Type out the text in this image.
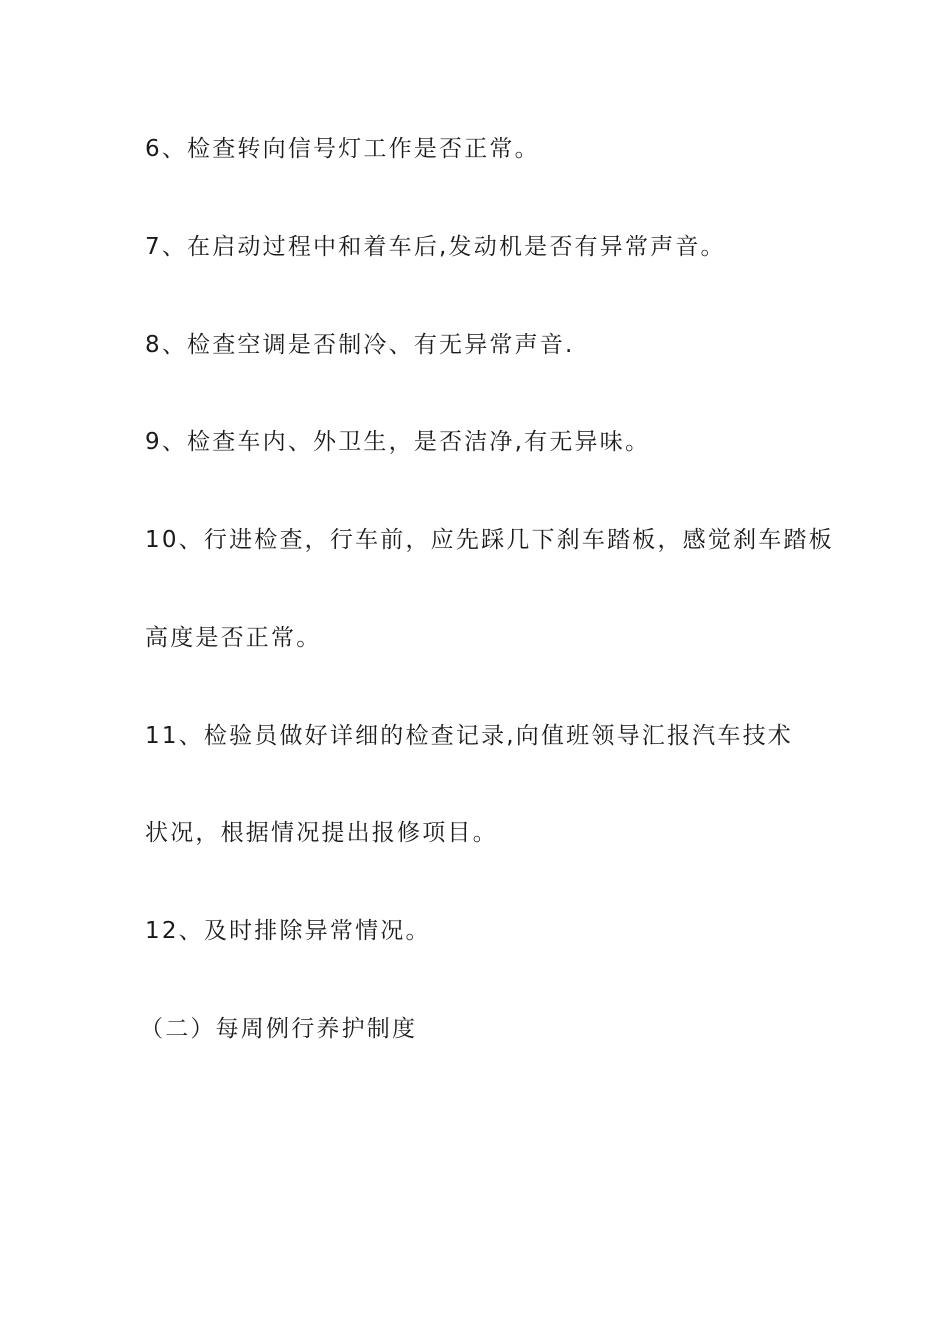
6、检查转向信号灯工作是否正常。
7、在启动过程中和着车后,发动机是否有异常声音。
8、检查空调是否制冷、有无异常声音.
9、检查车内、外卫生，是否洁净,有无异味。
10、行进检查，行车前，应先踩几下刹车踏板，感觉刹车踏板
高度是否正常。
11、检验员做好详细的检查记录,向值班领导汇报汽车技术
状况，根据情况提出报修项目。
12、及时排除异常情况。
（二）每周例行养护制度
